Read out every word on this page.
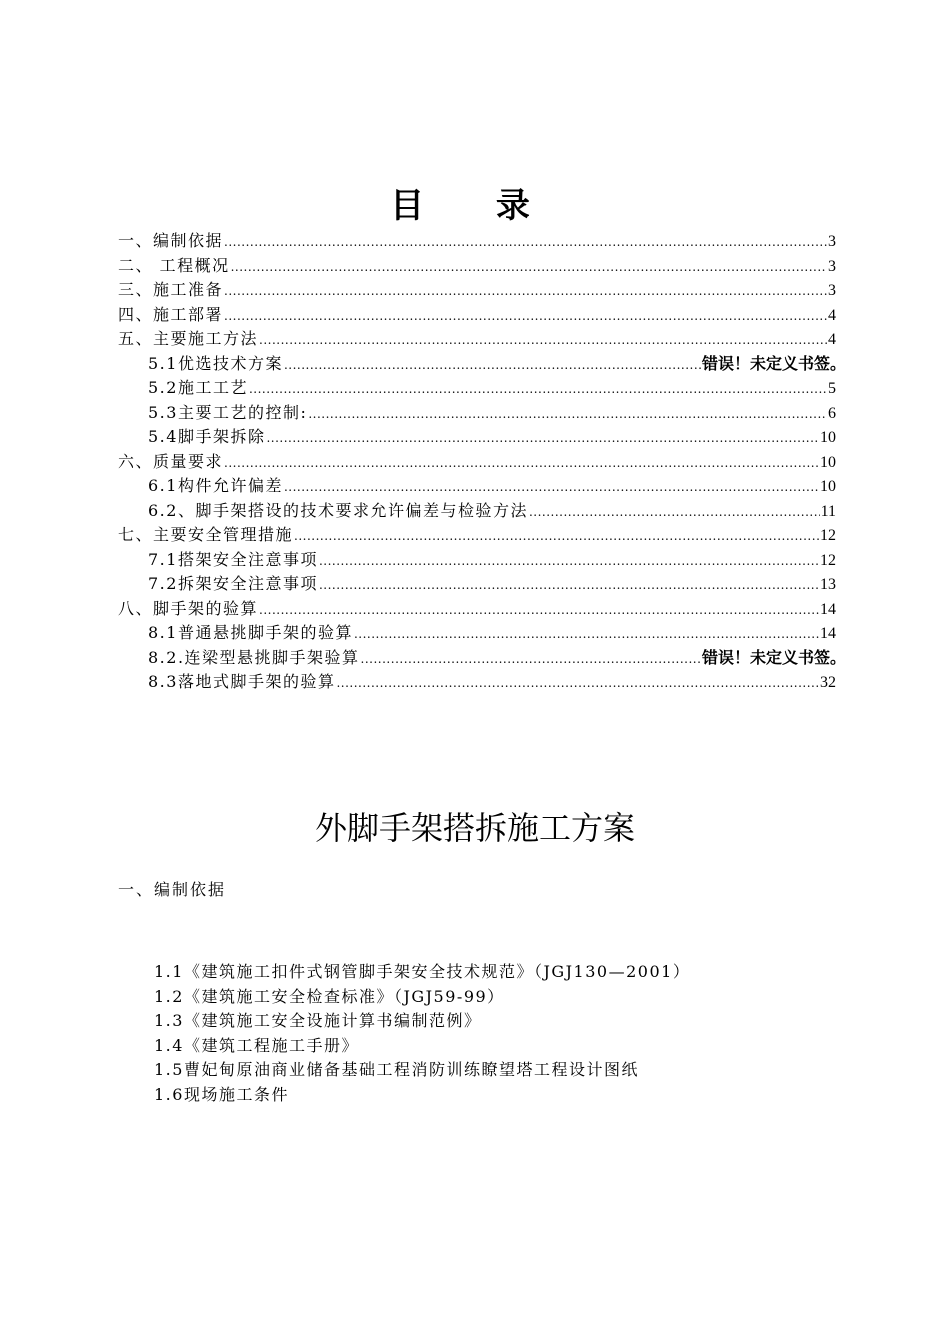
目 录
一、编制依据 .....	3
二、 工程概况 .....	3
三、施工准备 .....	3
四、施工部署 .....	4
五、主要施工方法 .....	4
5.1优选技术方案 .....	错误！未定义书签。
5.2施工工艺 .....	5
5.3主要工艺的控制: .....	6
5.4脚手架拆除 .....	10
六、质量要求 .....	10
6.1构件允许偏差 .....	10
6.2、脚手架搭设的技术要求允许偏差与检验方法 .....	11
七、主要安全管理措施 .....	12
7.1搭架安全注意事项 .....	12
7.2拆架安全注意事项 .....	13
八、脚手架的验算 .....	14
8.1普通悬挑脚手架的验算 .....	14
8.2.连梁型悬挑脚手架验算 .....	错误！未定义书签。
8.3落地式脚手架的验算 .....	32
外脚手架搭拆施工方案
一、编制依据
1.1《建筑施工扣件式钢管脚手架安全技术规范》（JGJ130—2001）
1.2《建筑施工安全检查标准》（JGJ59-99）
1.3《建筑施工安全设施计算书编制范例》
1.4《建筑工程施工手册》
1.5曹妃甸原油商业储备基础工程消防训练瞭望塔工程设计图纸
1.6现场施工条件
